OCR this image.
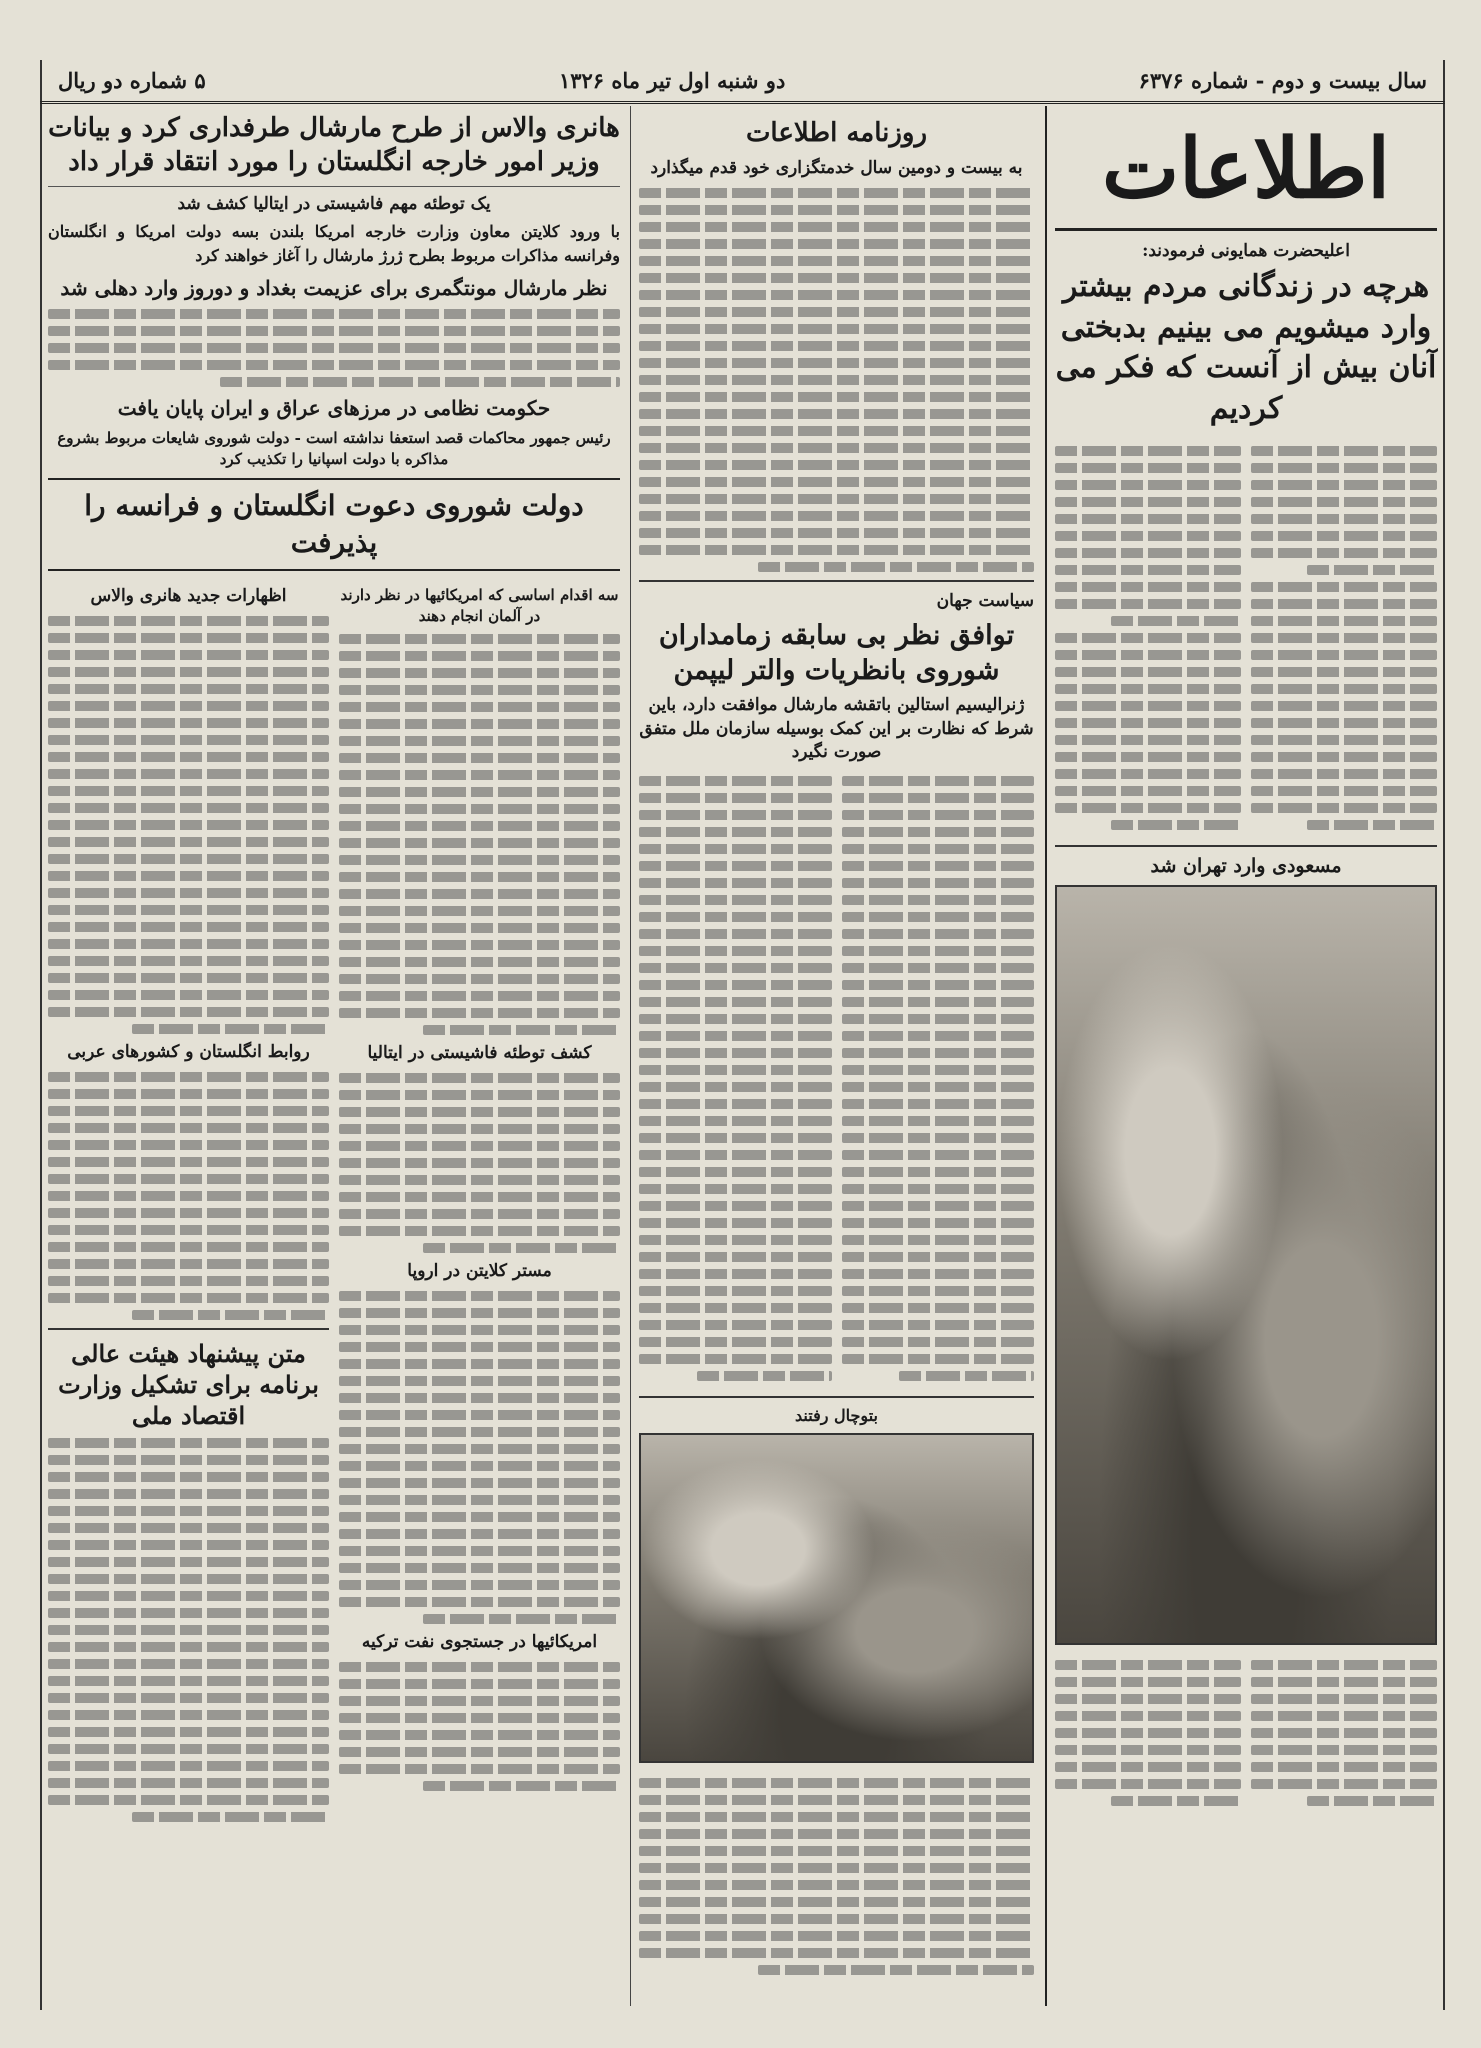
سال بیست و دوم - شماره ۶۳۷۶
دو شنبه اول تیر ماه ۱۳۲۶
۵ شماره دو ریال
اطلاعات
اعلیحضرت همایونی فرمودند:
هرچه در زندگانی مردم بیشتر وارد میشویم می بینیم بدبختی آنان بیش از آنست که فکر می کردیم
مسعودی وارد تهران شد
روزنامه اطلاعات
به بیست و دومین سال خدمتگزاری خود قدم میگذارد
سیاست جهان
توافق نظر بی سابقه زمامداران شوروی بانظریات والتر لیپمن
ژنرالیسیم استالین باتقشه مارشال موافقت دارد، باین شرط که نظارت بر این کمک بوسیله سازمان ملل متفق صورت نگیرد
بتوچال رفتند
هانری والاس از طرح مارشال طرفداری کرد و بیانات وزیر امور خارجه انگلستان را مورد انتقاد قرار داد
یک توطئه مهم فاشیستی در ایتالیا کشف شد
با ورود کلایتن معاون وزارت خارجه امریکا بلندن بسه دولت امریکا و انگلستان وفرانسه مذاکرات مربوط بطرح ژرژ مارشال را آغاز خواهند کرد
نظر مارشال مونتگمری برای عزیمت بغداد و دوروز وارد دهلی شد
حکومت نظامی در مرزهای عراق و ایران پایان یافت
رئیس جمهور محاکمات قصد استعفا نداشته است - دولت شوروی شایعات مربوط بشروع مذاکره با دولت اسپانیا را تکذیب کرد
دولت شوروی دعوت انگلستان و فرانسه را پذیرفت
سه اقدام اساسی که امریکائیها در نظر دارند در آلمان انجام دهند
کشف توطئه فاشیستی در ایتالیا
مستر کلایتن در اروپا
امریکائیها در جستجوی نفت ترکیه
اظهارات جدید هانری والاس
روابط انگلستان و کشورهای عربی
متن پیشنهاد هیئت عالی برنامه برای تشکیل وزارت اقتصاد ملی
